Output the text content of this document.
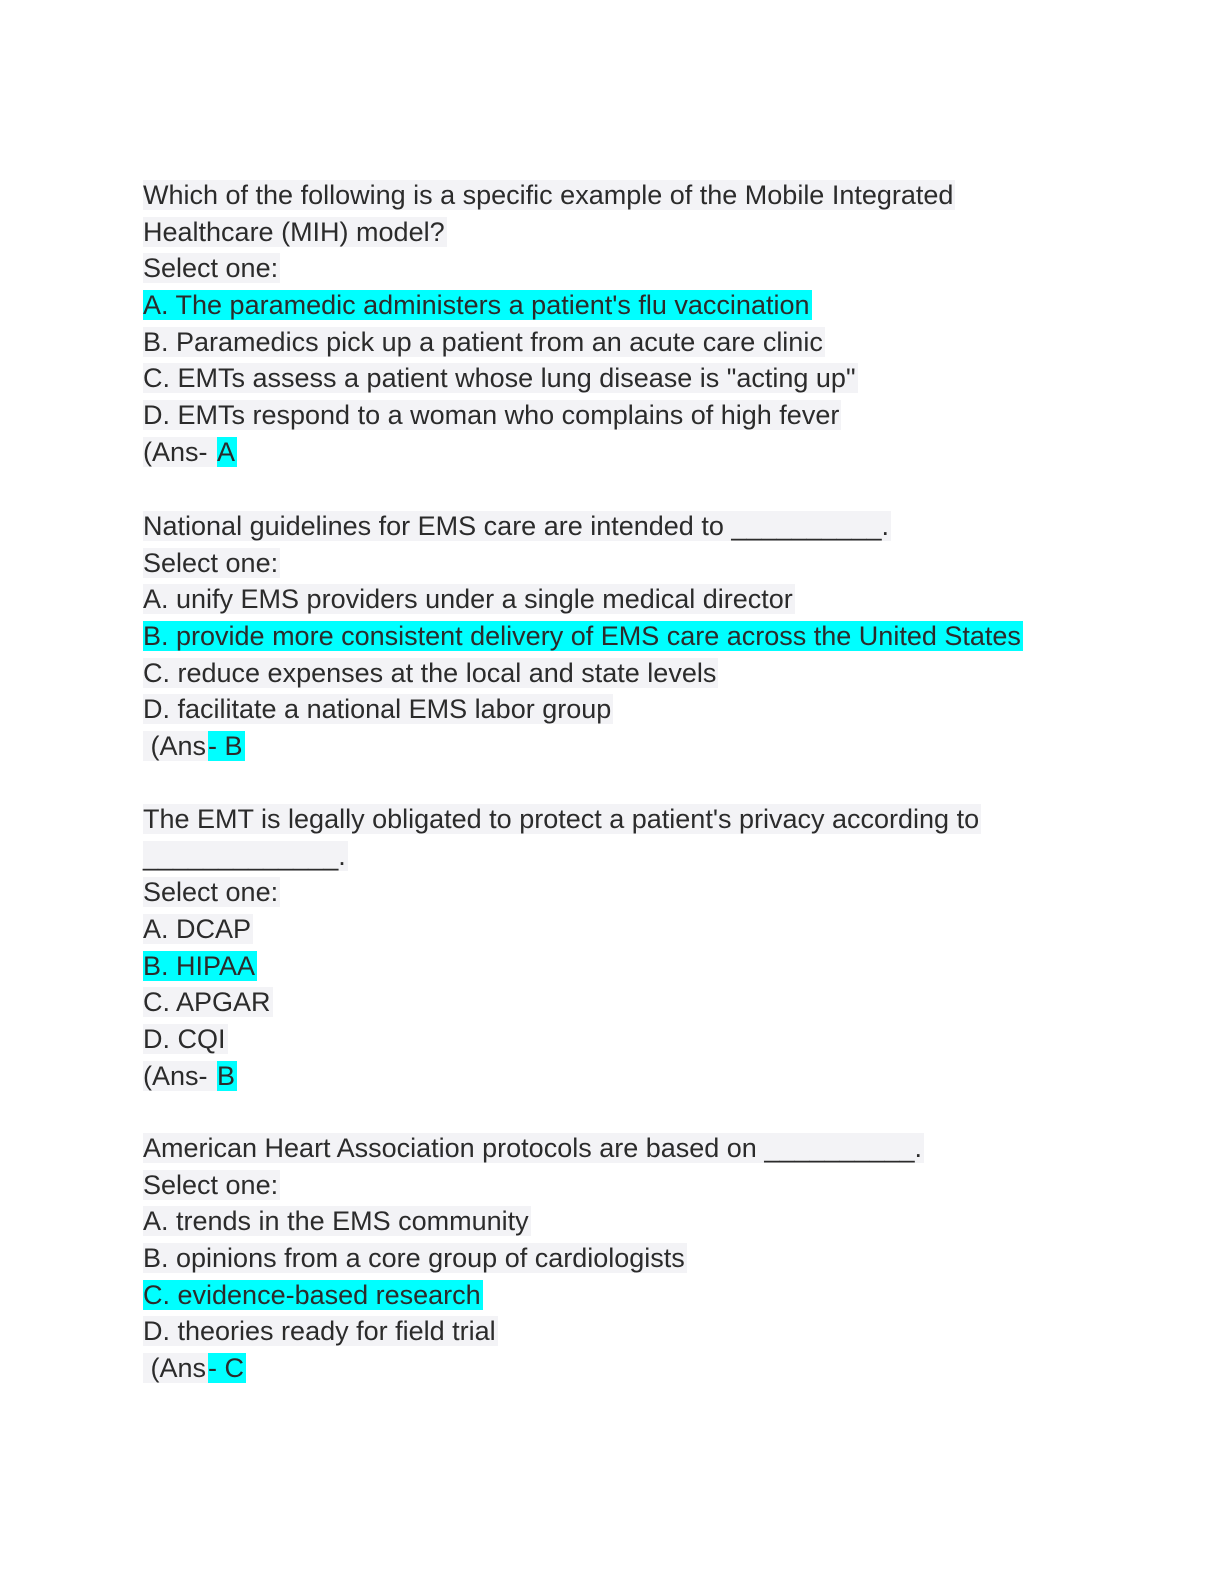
Which of the following is a specific example of the Mobile Integrated
Healthcare (MIH) model?
Select one:
A. The paramedic administers a patient's flu vaccination
B. Paramedics pick up a patient from an acute care clinic
C. EMTs assess a patient whose lung disease is "acting up"
D. EMTs respond to a woman who complains of high fever
(Ans- A
National guidelines for EMS care are intended to __________.
Select one:
A. unify EMS providers under a single medical director
B. provide more consistent delivery of EMS care across the United States
C. reduce expenses at the local and state levels
D. facilitate a national EMS labor group
(Ans- B
The EMT is legally obligated to protect a patient's privacy according to
_____________.
Select one:
A. DCAP
B. HIPAA
C. APGAR
D. CQI
(Ans- B
American Heart Association protocols are based on __________.
Select one:
A. trends in the EMS community
B. opinions from a core group of cardiologists
C. evidence-based research
D. theories ready for field trial
(Ans- C
